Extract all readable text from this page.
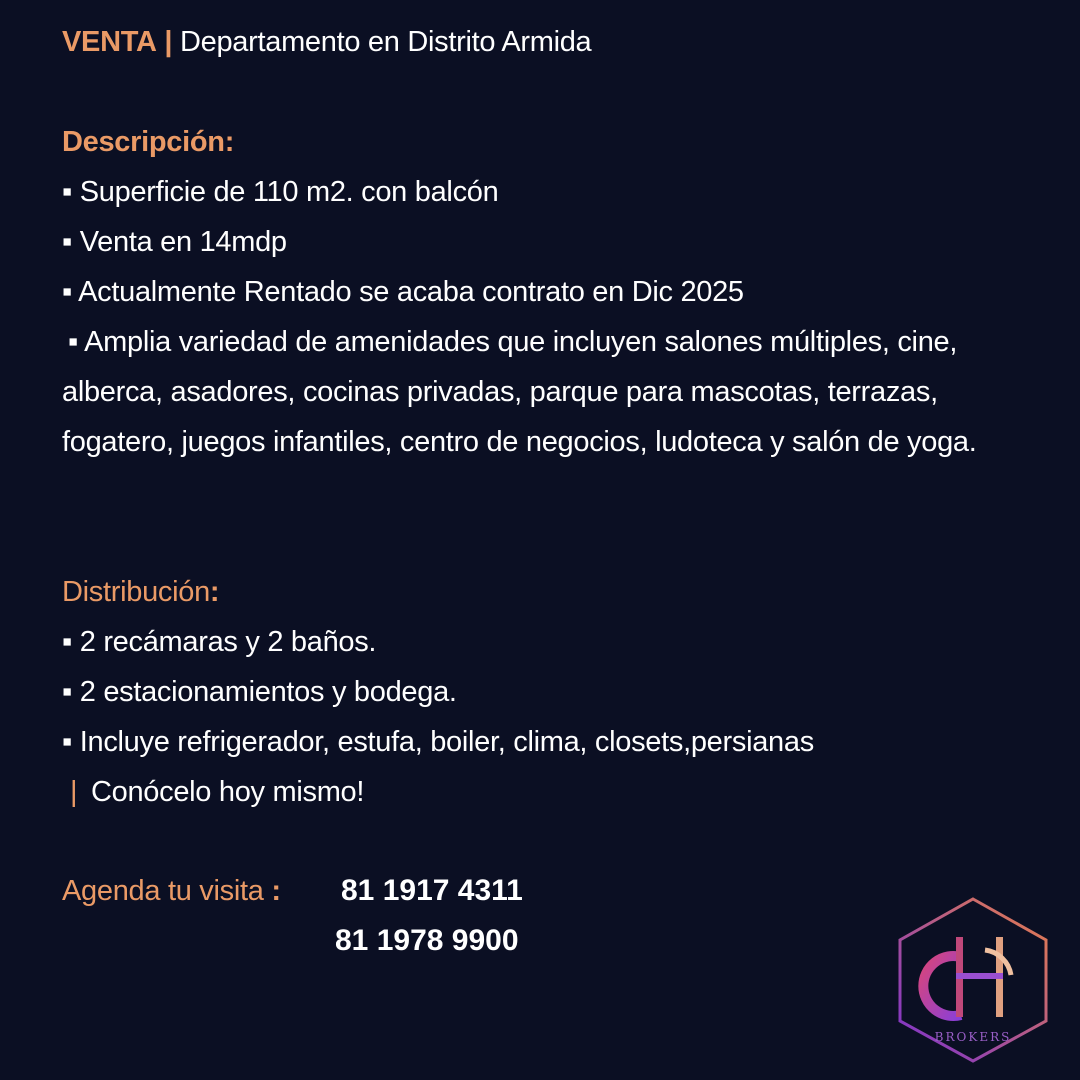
VENTA | Departamento en Distrito Armida
Descripción:
▪ Superficie de 110 m2. con balcón
▪ Venta en 14mdp
▪ Actualmente Rentado se acaba contrato en Dic 2025
▪ Amplia variedad de amenidades que incluyen salones múltiples, cine, alberca, asadores, cocinas privadas, parque para mascotas, terrazas, fogatero, juegos infantiles, centro de negocios, ludoteca y salón de yoga.
Distribución:
▪ 2 recámaras y 2 baños.
▪ 2 estacionamientos y bodega.
▪ Incluye refrigerador, estufa, boiler, clima, closets,persianas
| Conócelo hoy mismo!
Agenda tu visita : 81 1917 4311
81 1978 9900
BROKERS
